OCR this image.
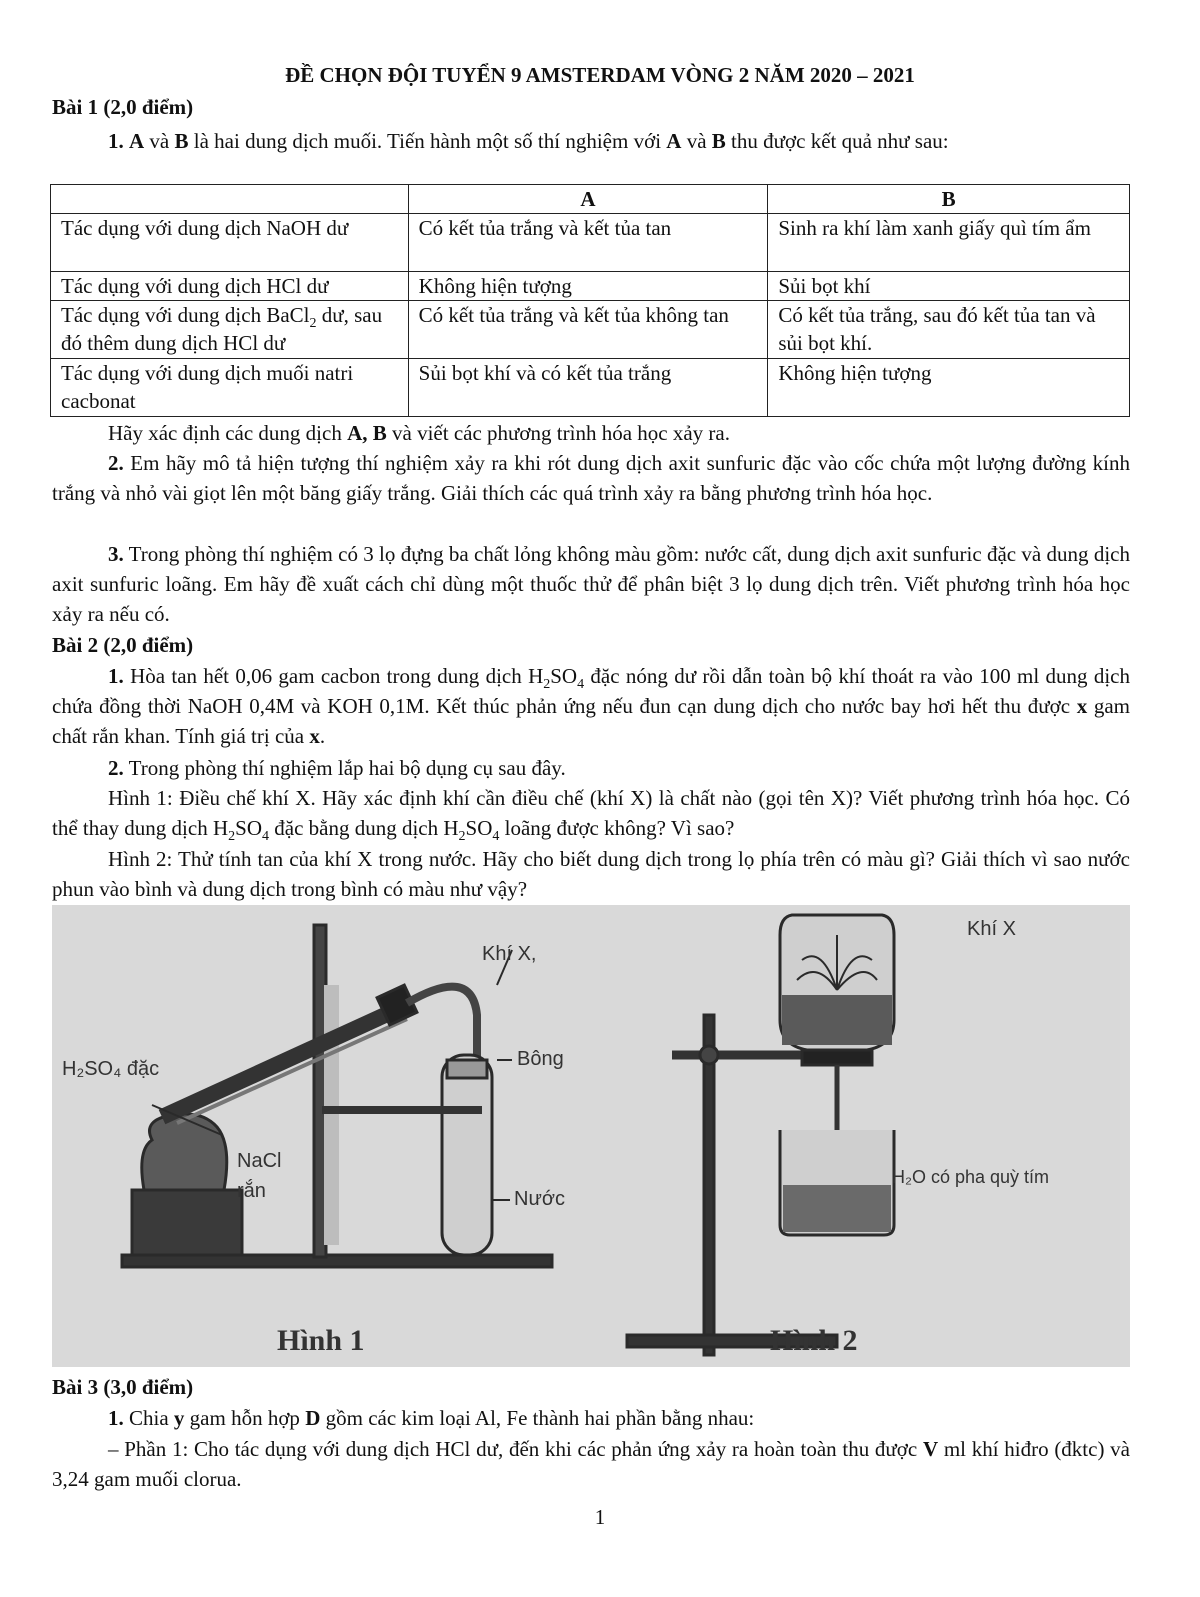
ĐỀ CHỌN ĐỘI TUYỂN 9 AMSTERDAM VÒNG 2 NĂM 2020 – 2021
Bài 1 (2,0 điểm)
1. A và B là hai dung dịch muối. Tiến hành một số thí nghiệm với A và B thu được kết quả như sau:
	A	B
Tác dụng với dung dịch NaOH dư	Có kết tủa trắng và kết tủa tan	Sinh ra khí làm xanh giấy quì tím ẩm
Tác dụng với dung dịch HCl dư	Không hiện tượng	Sủi bọt khí
Tác dụng với dung dịch BaCl$_2$ dư, sau đó thêm dung dịch HCl dư	Có kết tủa trắng và kết tủa không tan	Có kết tủa trắng, sau đó kết tủa tan và sủi bọt khí.
Tác dụng với dung dịch muối natri cacbonat	Sủi bọt khí và có kết tủa trắng	Không hiện tượng
Hãy xác định các dung dịch A, B và viết các phương trình hóa học xảy ra.
2. Em hãy mô tả hiện tượng thí nghiệm xảy ra khi rót dung dịch axit sunfuric đặc vào cốc chứa một lượng đường kính trắng và nhỏ vài giọt lên một băng giấy trắng. Giải thích các quá trình xảy ra bằng phương trình hóa học.
3. Trong phòng thí nghiệm có 3 lọ đựng ba chất lỏng không màu gồm: nước cất, dung dịch axit sunfuric đặc và dung dịch axit sunfuric loãng. Em hãy đề xuất cách chỉ dùng một thuốc thử để phân biệt 3 lọ dung dịch trên. Viết phương trình hóa học xảy ra nếu có.
Bài 2 (2,0 điểm)
1. Hòa tan hết 0,06 gam cacbon trong dung dịch $H_2SO_4$ đặc nóng dư rồi dẫn toàn bộ khí thoát ra vào 100 ml dung dịch chứa đồng thời NaOH 0,4M và KOH 0,1M. Kết thúc phản ứng nếu đun cạn dung dịch cho nước bay hơi hết thu được x gam chất rắn khan. Tính giá trị của x.
2. Trong phòng thí nghiệm lắp hai bộ dụng cụ sau đây.
Hình 1: Điều chế khí X. Hãy xác định khí cần điều chế (khí X) là chất nào (gọi tên X)? Viết phương trình hóa học. Có thể thay dung dịch $H_2SO_4$ đặc bằng dung dịch $H_2SO_4$ loãng được không? Vì sao?
Hình 2: Thử tính tan của khí X trong nước. Hãy cho biết dung dịch trong lọ phía trên có màu gì? Giải thích vì sao nước phun vào bình và dung dịch trong bình có màu như vậy?
Khí X,
H₂SO₄ đặc	Bông
NaCl
rắn	Nước
Hình 1
Khí X
H₂O có pha quỳ tím
Hình 2
Bài 3 (3,0 điểm)
1. Chia y gam hỗn hợp D gồm các kim loại Al, Fe thành hai phần bằng nhau:
– Phần 1: Cho tác dụng với dung dịch HCl dư, đến khi các phản ứng xảy ra hoàn toàn thu được V ml khí hiđro (đktc) và 3,24 gam muối clorua.
1
